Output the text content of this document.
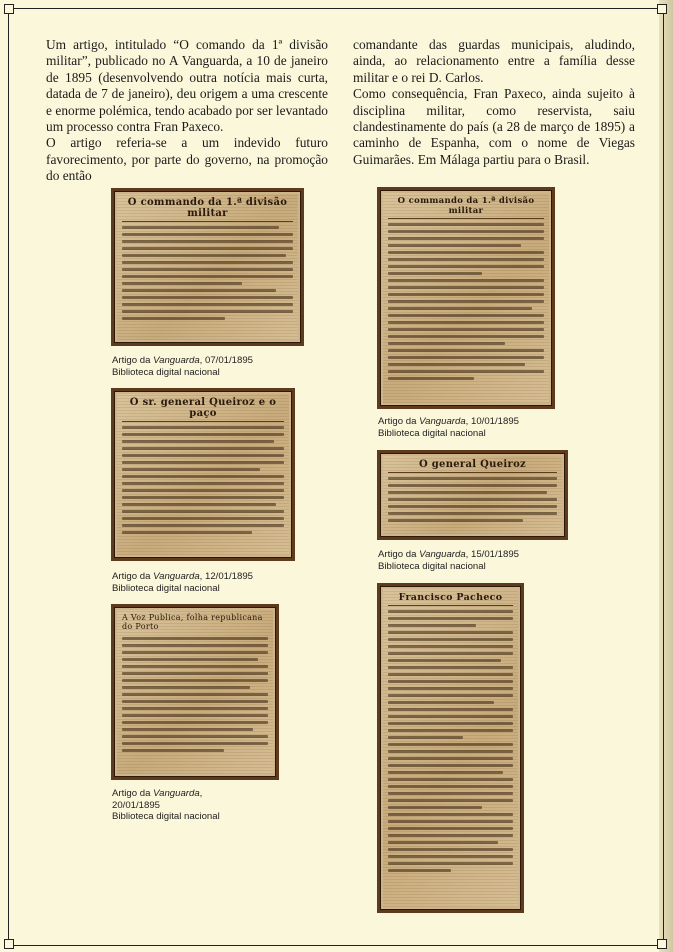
Um artigo, intitulado “O comando da 1ª divisão militar”, publicado no A Vanguarda, a 10 de janeiro de 1895 (desenvolvendo outra notícia mais curta, datada de 7 de janeiro), deu origem a uma crescente e enorme polémica, tendo acabado por ser levantado um processo contra Fran Paxeco.

O artigo referia-se a um indevido futuro favorecimento, por parte do governo, na promoção do então

comandante das guardas municipais, aludindo, ainda, ao relacionamento entre a família desse militar e o rei D. Carlos.

Como consequência, Fran Paxeco, ainda sujeito à disciplina militar, como reservista, saiu clandestinamente do país (a 28 de março de 1895) a caminho de Espanha, com o nome de Viegas Guimarães. Em Málaga partiu para o Brasil.

O commando da 1.ª divisão militar
Artigo da Vanguarda, 07/01/1895
Biblioteca digital nacional
O sr. general Queiroz e o paço
Artigo da Vanguarda, 12/01/1895
Biblioteca digital nacional
A Voz Publica, folha republicana do Porto
Artigo da Vanguarda,
20/01/1895
Biblioteca digital nacional
O commando da 1.ª divisão militar
Artigo da Vanguarda, 10/01/1895
Biblioteca digital nacional
O general Queiroz
Artigo da Vanguarda, 15/01/1895
Biblioteca digital nacional
Francisco Pacheco
